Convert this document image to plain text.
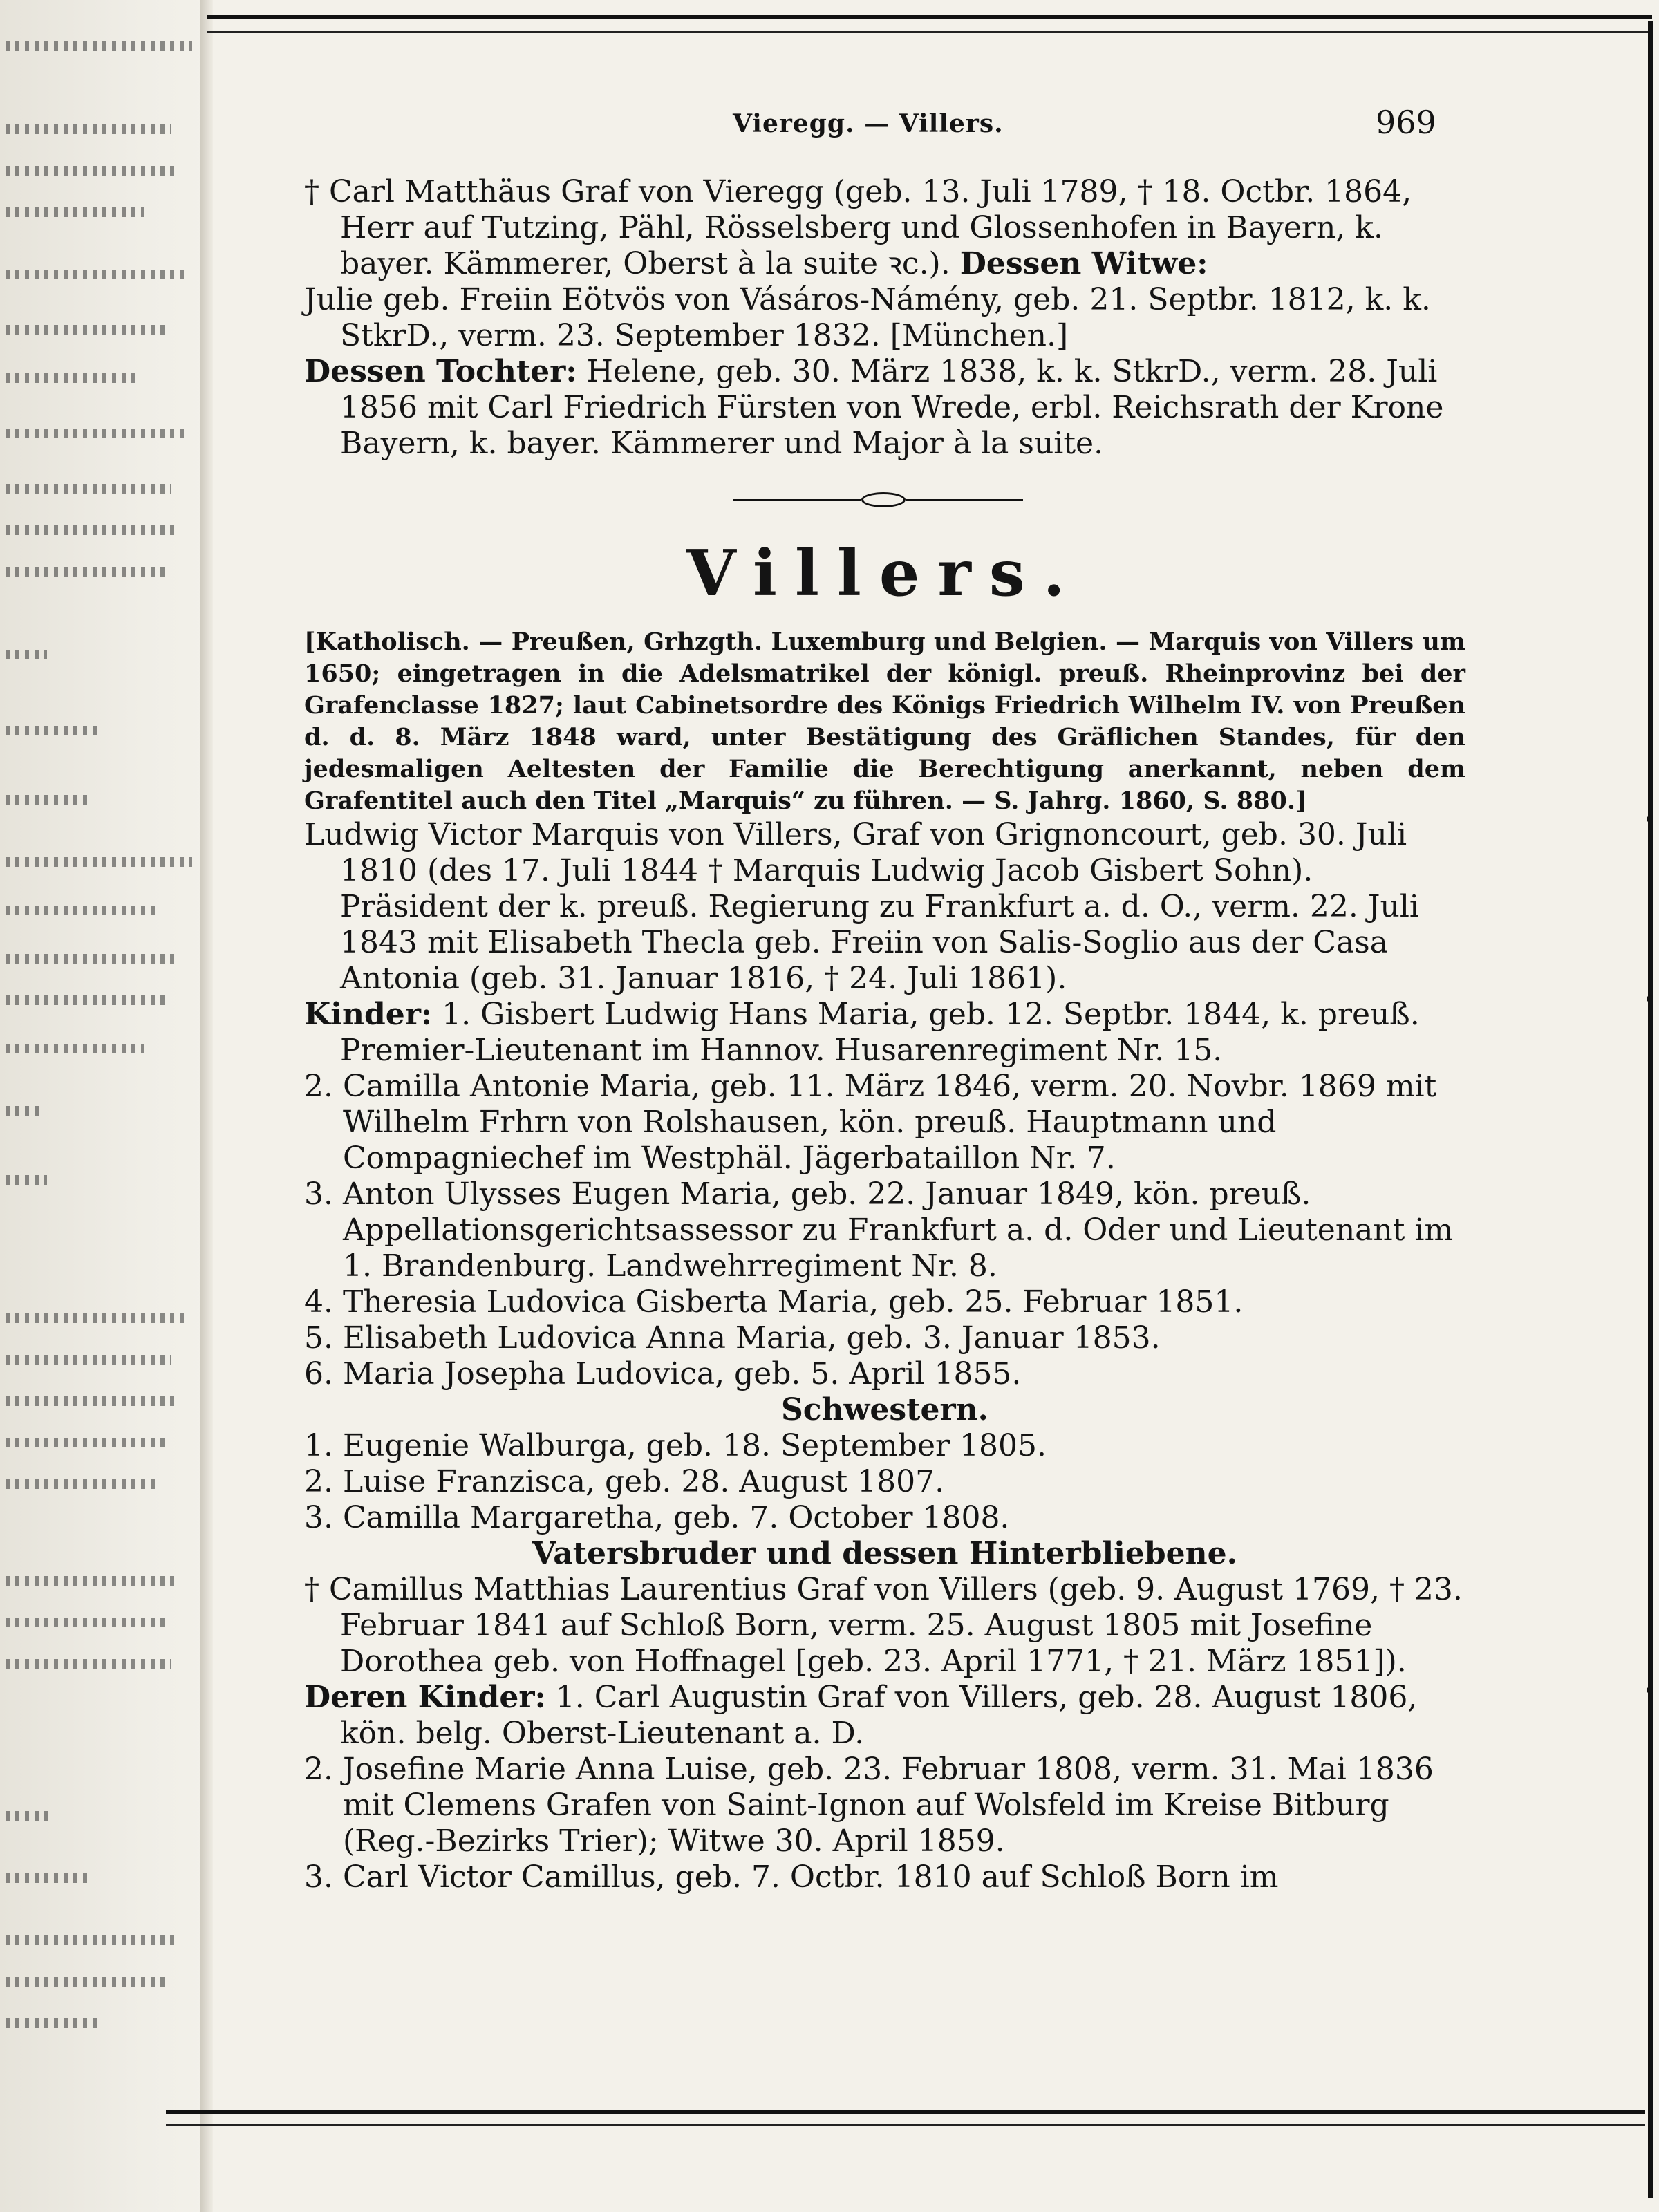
Vieregg. — Villers.	969

† Carl Matthäus Graf von Vieregg (geb. 13. Juli 1789, † 18. Octbr. 1864, Herr auf Tutzing, Pähl, Rösselsberg und Glossenhofen in Bayern, k. bayer. Kämmerer, Oberst à la suite ꝛc.). Dessen Witwe:

Julie geb. Freiin Eötvös von Vásáros-Námény, geb. 21. Septbr. 1812, k. k. StkrD., verm. 23. September 1832. [München.]

Dessen Tochter: Helene, geb. 30. März 1838, k. k. StkrD., verm. 28. Juli 1856 mit Carl Friedrich Fürsten von Wrede, erbl. Reichsrath der Krone Bayern, k. bayer. Kämmerer und Major à la suite.

Villers.

[Katholisch. — Preußen, Grhzgth. Luxemburg und Belgien. — Marquis von Villers um 1650; eingetragen in die Adelsmatrikel der königl. preuß. Rheinprovinz bei der Grafenclasse 1827; laut Cabinetsordre des Königs Friedrich Wilhelm IV. von Preußen d. d. 8. März 1848 ward, unter Bestätigung des Gräflichen Standes, für den jedesmaligen Aeltesten der Familie die Berechtigung anerkannt, neben dem Grafentitel auch den Titel „Marquis“ zu führen. — S. Jahrg. 1860, S. 880.]

Ludwig Victor Marquis von Villers, Graf von Grignoncourt, geb. 30. Juli 1810 (des 17. Juli 1844 † Marquis Ludwig Jacob Gisbert Sohn). Präsident der k. preuß. Regierung zu Frankfurt a. d. O., verm. 22. Juli 1843 mit Elisabeth Thecla geb. Freiin von Salis-Soglio aus der Casa Antonia (geb. 31. Januar 1816, † 24. Juli 1861).

Kinder: 1. Gisbert Ludwig Hans Maria, geb. 12. Septbr. 1844, k. preuß. Premier-Lieutenant im Hannov. Husarenregiment Nr. 15.

2. Camilla Antonie Maria, geb. 11. März 1846, verm. 20. Novbr. 1869 mit Wilhelm Frhrn von Rolshausen, kön. preuß. Hauptmann und Compagniechef im Westphäl. Jägerbataillon Nr. 7.

3. Anton Ulysses Eugen Maria, geb. 22. Januar 1849, kön. preuß. Appellationsgerichtsassessor zu Frankfurt a. d. Oder und Lieutenant im 1. Brandenburg. Landwehrregiment Nr. 8.

4. Theresia Ludovica Gisberta Maria, geb. 25. Februar 1851.

5. Elisabeth Ludovica Anna Maria, geb. 3. Januar 1853.

6. Maria Josepha Ludovica, geb. 5. April 1855.

Schwestern.

1. Eugenie Walburga, geb. 18. September 1805.

2. Luise Franzisca, geb. 28. August 1807.

3. Camilla Margaretha, geb. 7. October 1808.

Vatersbruder und dessen Hinterbliebene.

† Camillus Matthias Laurentius Graf von Villers (geb. 9. August 1769, † 23. Februar 1841 auf Schloß Born, verm. 25. August 1805 mit Josefine Dorothea geb. von Hoffnagel [geb. 23. April 1771, † 21. März 1851]).

Deren Kinder: 1. Carl Augustin Graf von Villers, geb. 28. August 1806, kön. belg. Oberst-Lieutenant a. D.

2. Josefine Marie Anna Luise, geb. 23. Februar 1808, verm. 31. Mai 1836 mit Clemens Grafen von Saint-Ignon auf Wolsfeld im Kreise Bitburg (Reg.-Bezirks Trier); Witwe 30. April 1859.

3. Carl Victor Camillus, geb. 7. Octbr. 1810 auf Schloß Born im
